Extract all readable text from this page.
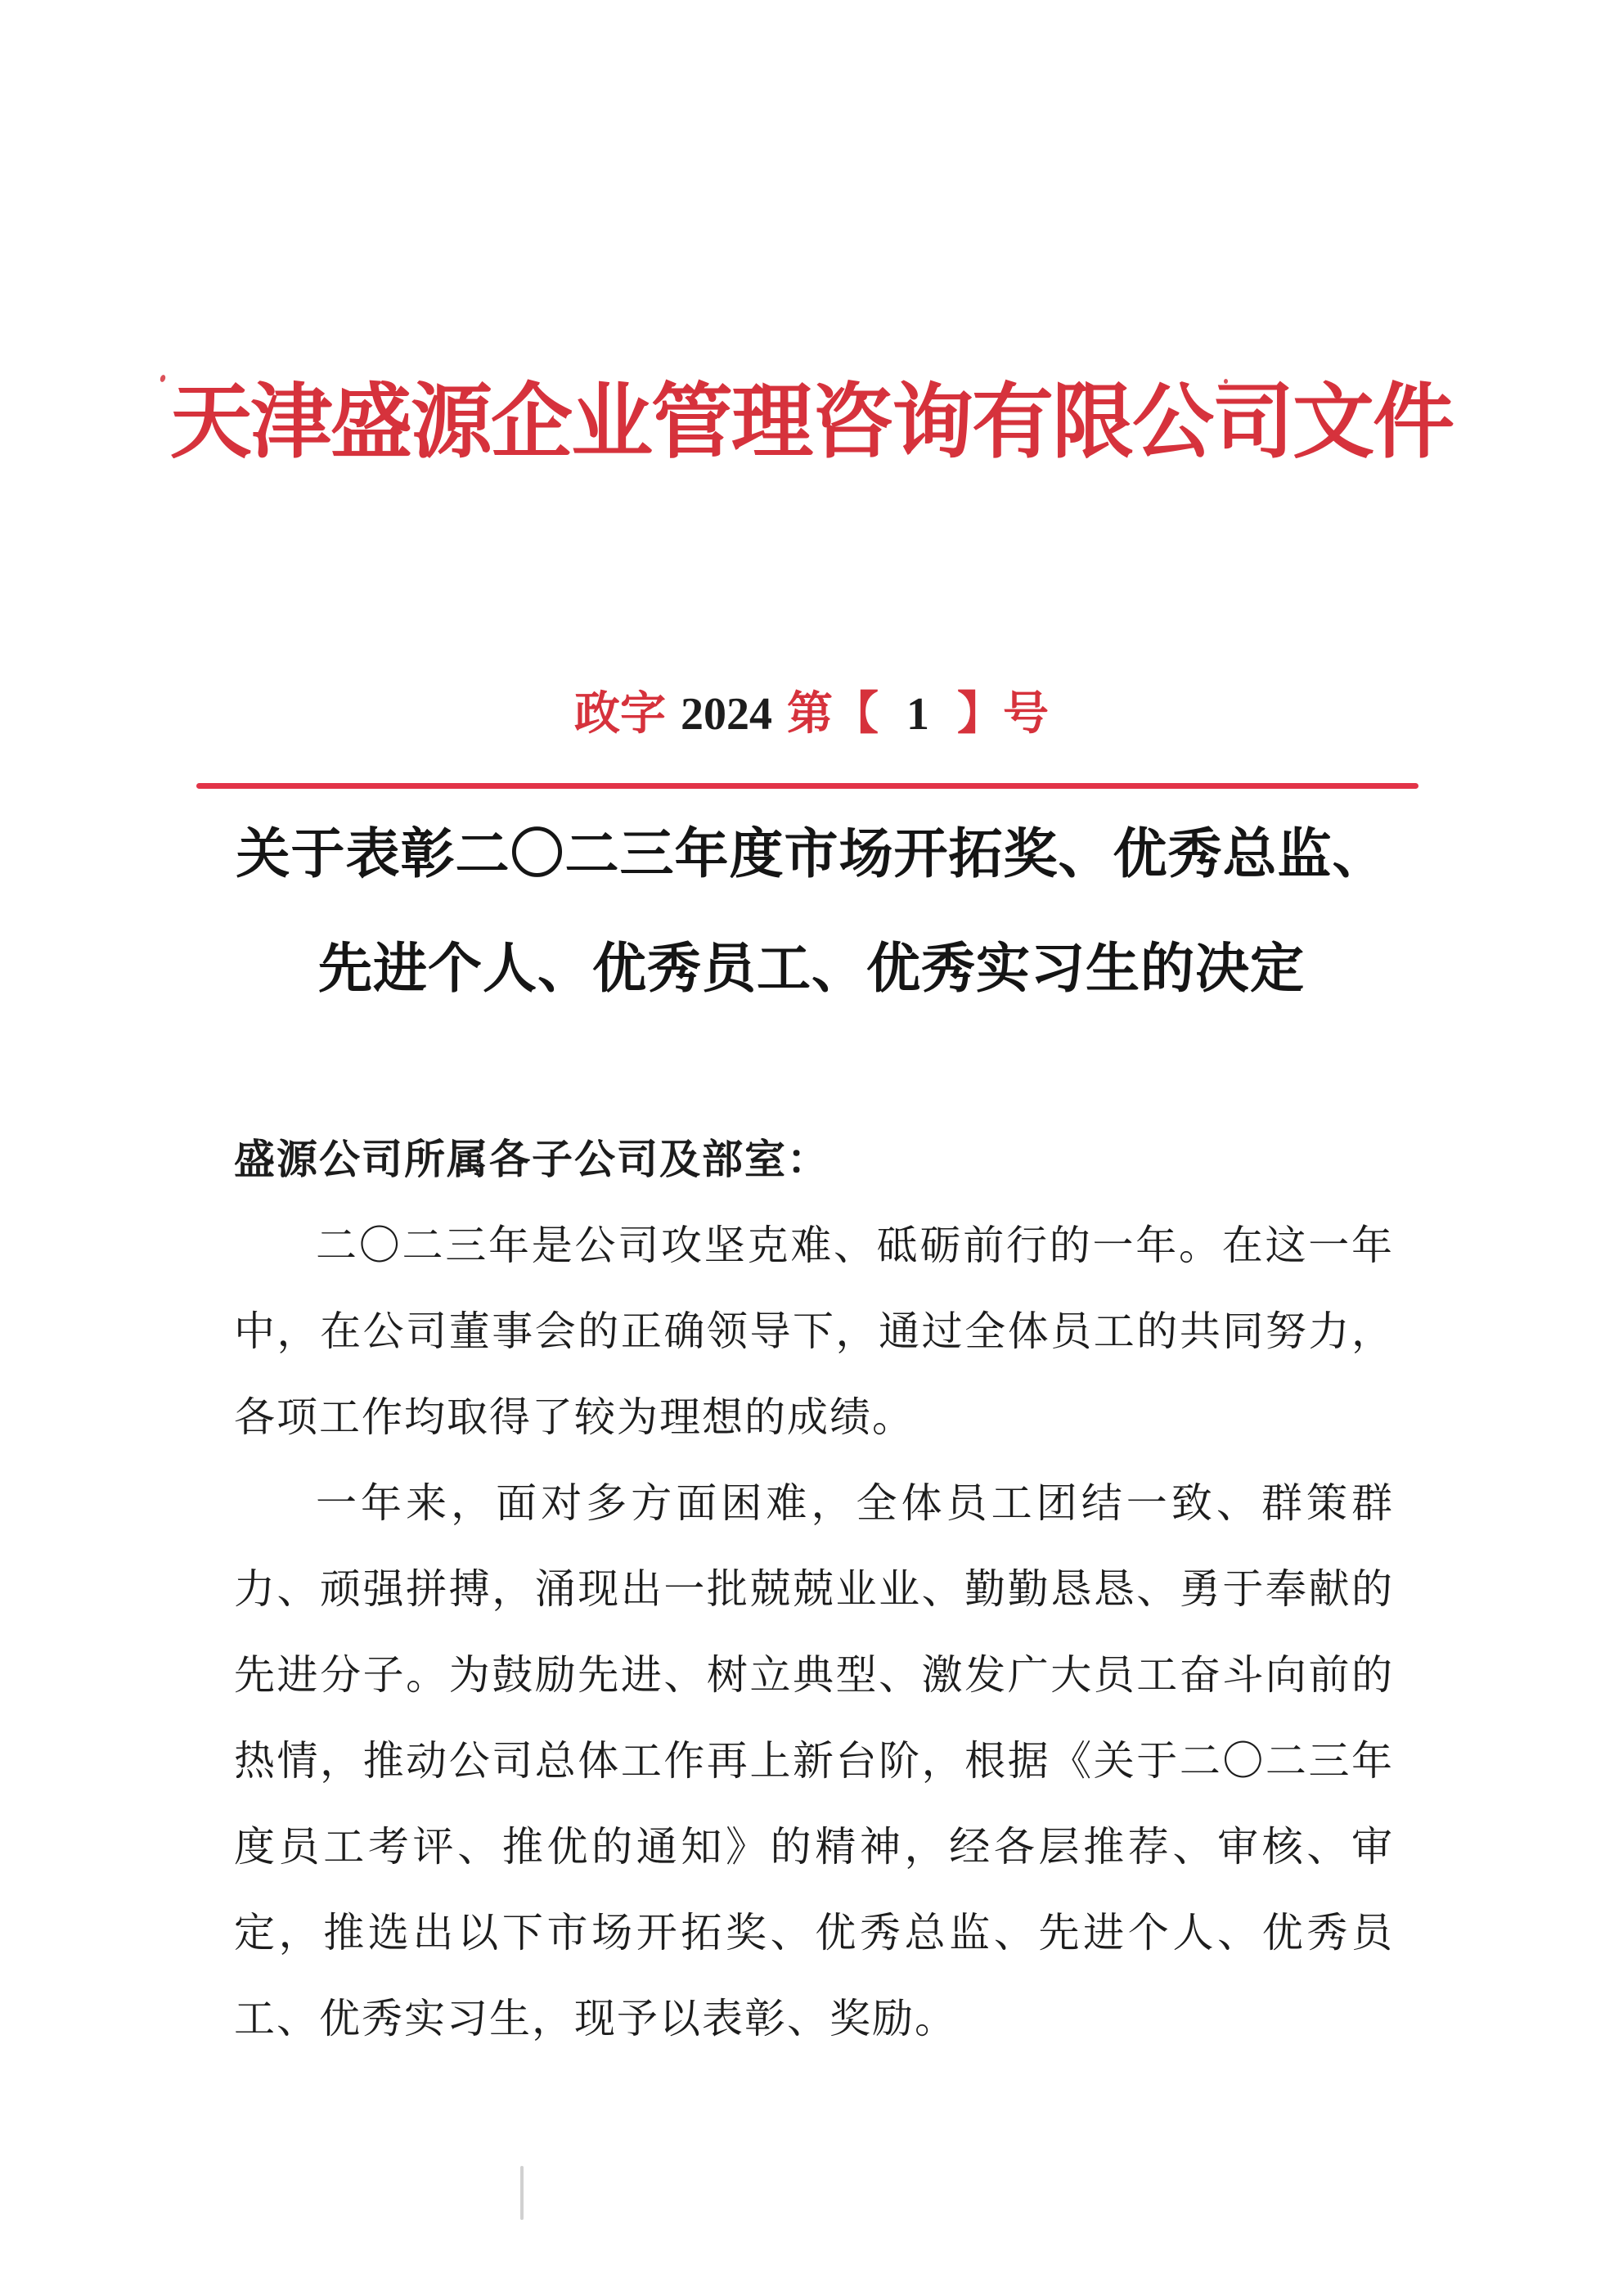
天津盛源企业管理咨询有限公司文件
政字 2024 第【 1 】号
关于表彰二〇二三年度市场开拓奖、优秀总监、
先进个人、优秀员工、优秀实习生的决定
盛源公司所属各子公司及部室：
二〇二三年是公司攻坚克难、砥砺前行的一年。在这一年
中，在公司董事会的正确领导下，通过全体员工的共同努力，
各项工作均取得了较为理想的成绩。
一年来，面对多方面困难，全体员工团结一致、群策群
力、顽强拼搏，涌现出一批兢兢业业、勤勤恳恳、勇于奉献的
先进分子。为鼓励先进、树立典型、激发广大员工奋斗向前的
热情，推动公司总体工作再上新台阶，根据《关于二〇二三年
度员工考评、推优的通知》的精神，经各层推荐、审核、审
定，推选出以下市场开拓奖、优秀总监、先进个人、优秀员
工、优秀实习生，现予以表彰、奖励。
